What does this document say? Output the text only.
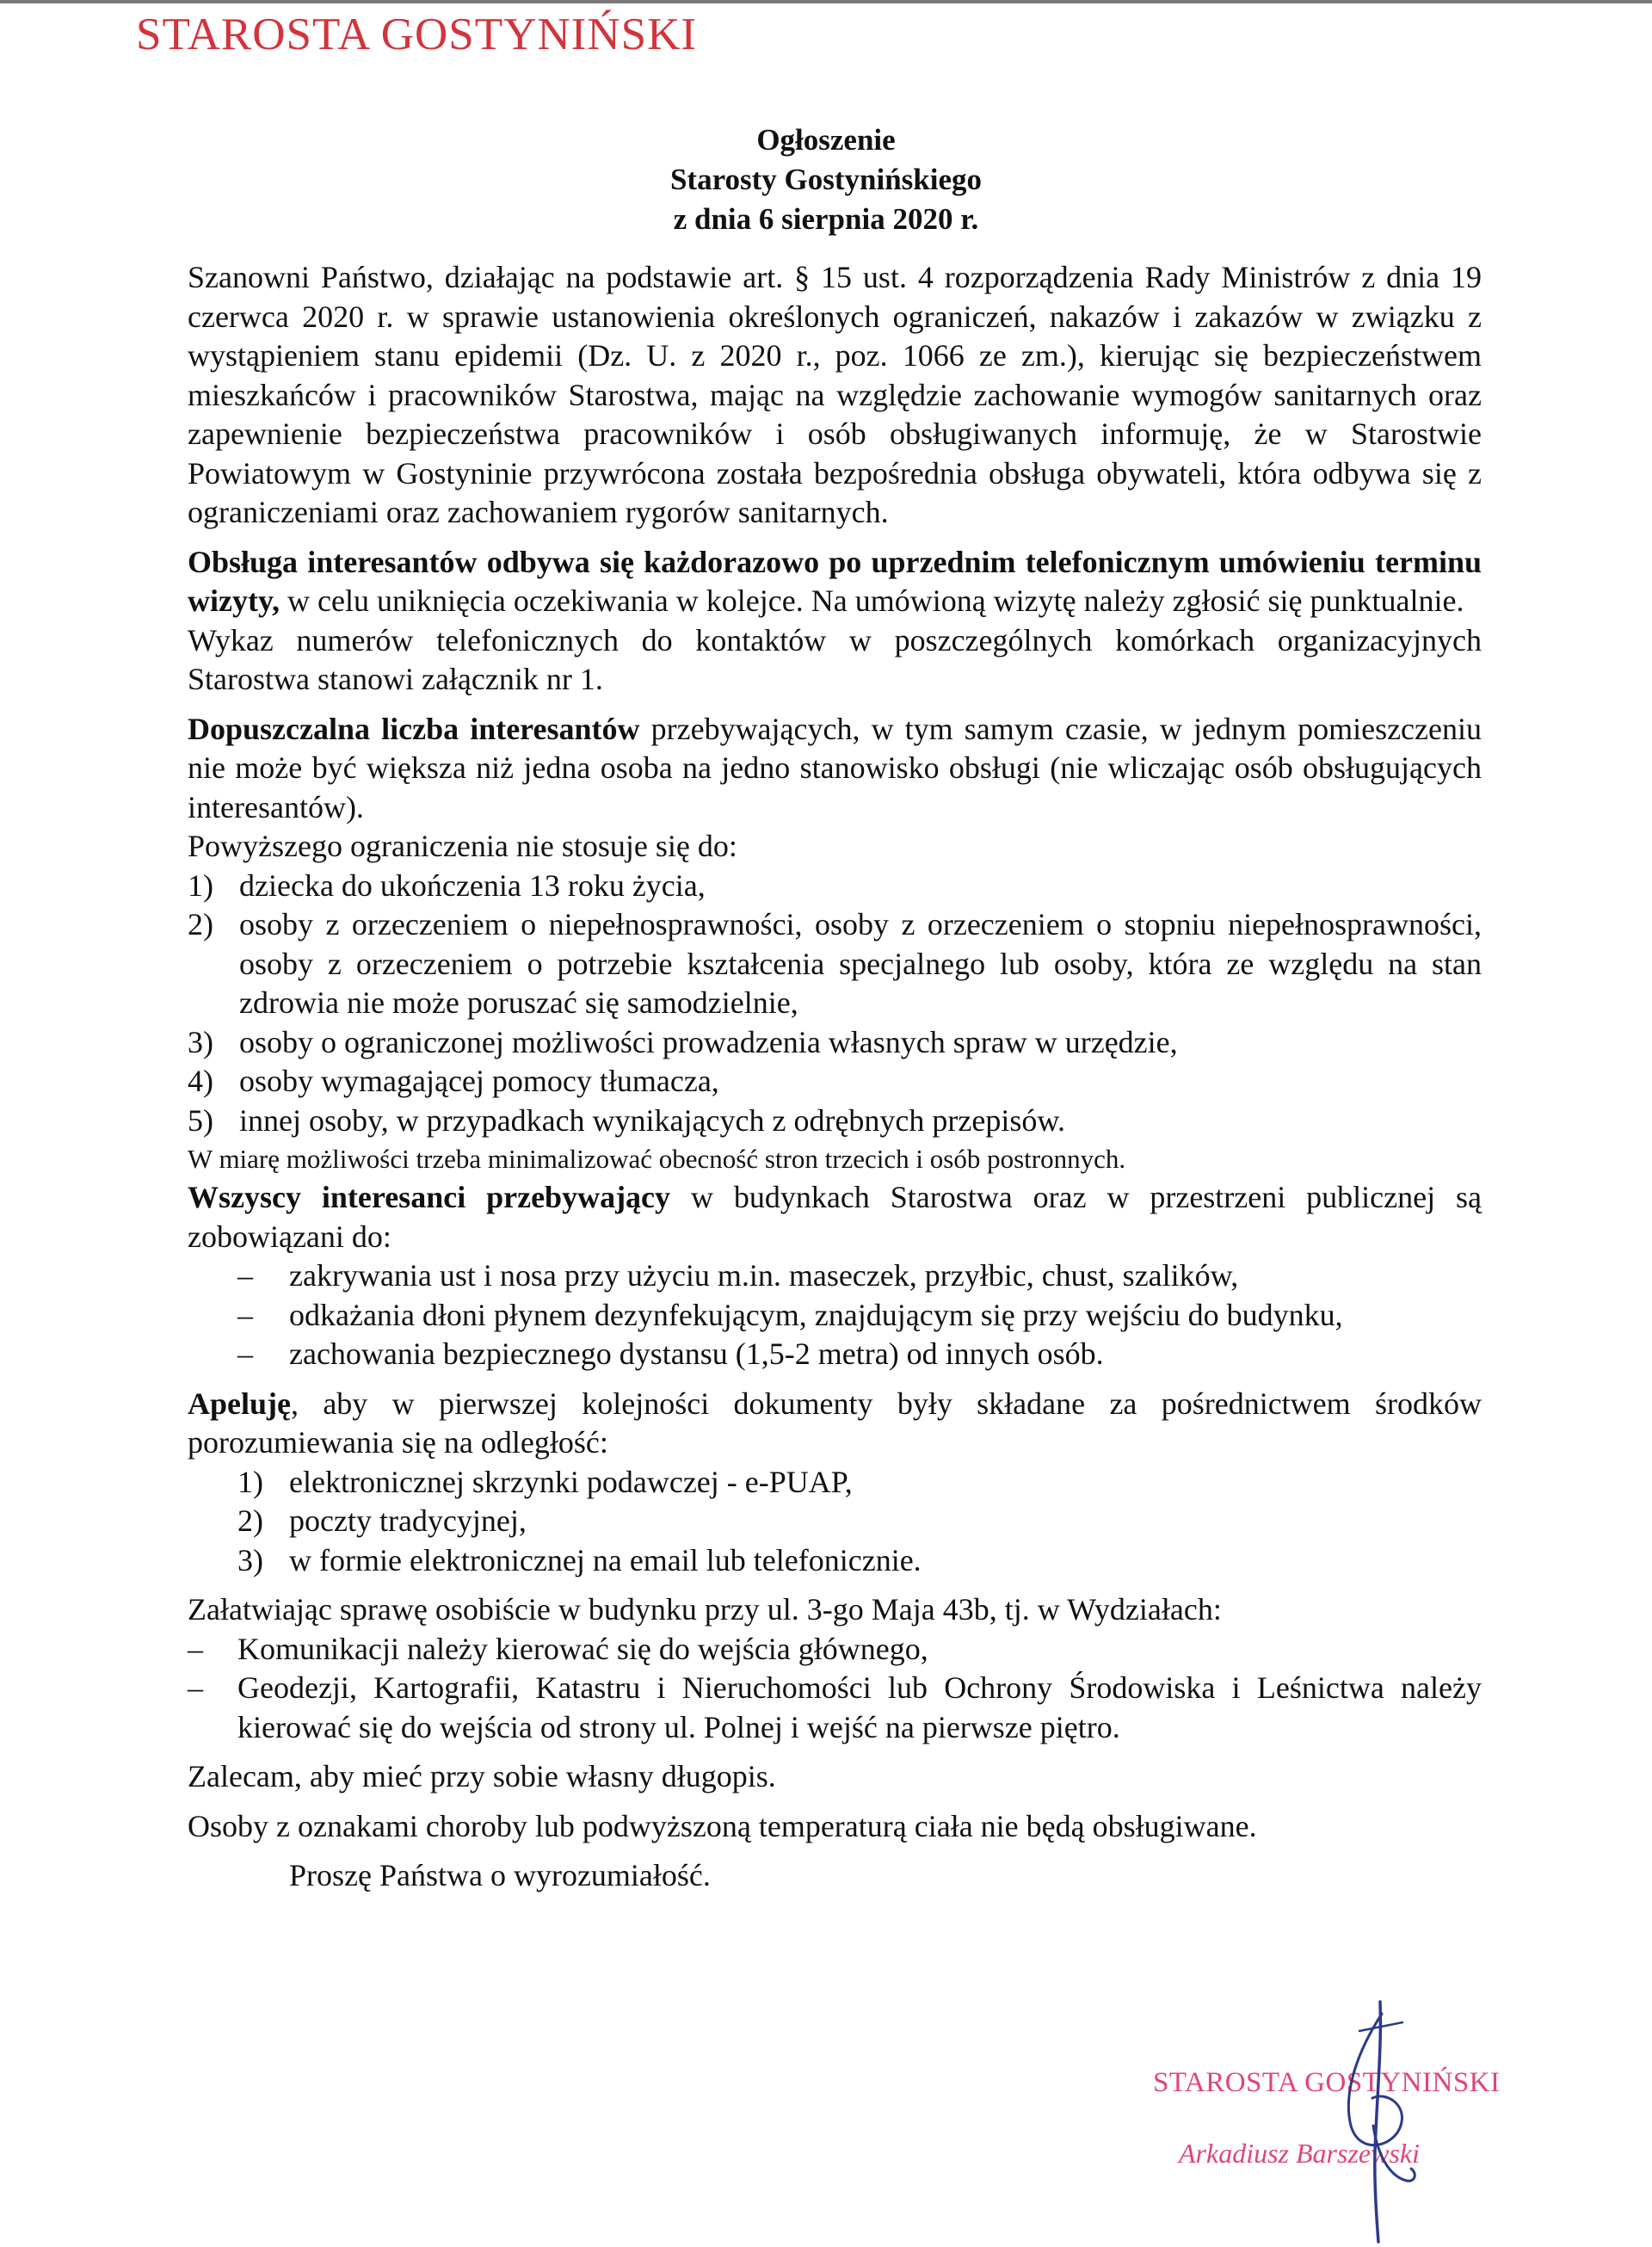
STAROSTA GOSTYNIŃSKI
Ogłoszenie
Starosty Gostynińskiego
z dnia 6 sierpnia 2020 r.

Szanowni Państwo, działając na podstawie art. § 15 ust. 4 rozporządzenia Rady Ministrów z dnia 19 czerwca 2020 r. w sprawie ustanowienia określonych ograniczeń, nakazów i zakazów w związku z wystąpieniem stanu epidemii (Dz. U. z 2020 r., poz. 1066 ze zm.), kierując się bezpieczeństwem mieszkańców i pracowników Starostwa, mając na względzie zachowanie wymogów sanitarnych oraz zapewnienie bezpieczeństwa pracowników i osób obsługiwanych informuję, że w Starostwie Powiatowym w Gostyninie przywrócona została bezpośrednia obsługa obywateli, która odbywa się z ograniczeniami oraz zachowaniem rygorów sanitarnych.

Obsługa interesantów odbywa się każdorazowo po uprzednim telefonicznym umówieniu terminu wizyty, w celu uniknięcia oczekiwania w kolejce. Na umówioną wizytę należy zgłosić się punktualnie.

Wykaz numerów telefonicznych do kontaktów w poszczególnych komórkach organizacyjnych Starostwa stanowi załącznik nr 1.

Dopuszczalna liczba interesantów przebywających, w tym samym czasie, w jednym pomieszczeniu nie może być większa niż jedna osoba na jedno stanowisko obsługi (nie wliczając osób obsługujących interesantów).

Powyższego ograniczenia nie stosuje się do:

1) dziecka do ukończenia 13 roku życia,
2) osoby z orzeczeniem o niepełnosprawności, osoby z orzeczeniem o stopniu niepełnosprawności, osoby z orzeczeniem o potrzebie kształcenia specjalnego lub osoby, która ze względu na stan zdrowia nie może poruszać się samodzielnie,
3) osoby o ograniczonej możliwości prowadzenia własnych spraw w urzędzie,
4) osoby wymagającej pomocy tłumacza,
5) innej osoby, w przypadkach wynikających z odrębnych przepisów.

W miarę możliwości trzeba minimalizować obecność stron trzecich i osób postronnych.

Wszyscy interesanci przebywający w budynkach Starostwa oraz w przestrzeni publicznej są zobowiązani do:

–	zakrywania ust i nosa przy użyciu m.in. maseczek, przyłbic, chust, szalików,
–	odkażania dłoni płynem dezynfekującym, znajdującym się przy wejściu do budynku,
–	zachowania bezpiecznego dystansu (1,5-2 metra) od innych osób.

Apeluję, aby w pierwszej kolejności dokumenty były składane za pośrednictwem środków porozumiewania się na odległość:

1) elektronicznej skrzynki podawczej - e-PUAP,
2) poczty tradycyjnej,
3) w formie elektronicznej na email lub telefonicznie.

Załatwiając sprawę osobiście w budynku przy ul. 3-go Maja 43b, tj. w Wydziałach:

–	Komunikacji należy kierować się do wejścia głównego,
–	Geodezji, Kartografii, Katastru i Nieruchomości lub Ochrony Środowiska i Leśnictwa należy kierować się do wejścia od strony ul. Polnej i wejść na pierwsze piętro.

Zalecam, aby mieć przy sobie własny długopis.

Osoby z oznakami choroby lub podwyższoną temperaturą ciała nie będą obsługiwane.

Proszę Państwa o wyrozumiałość.

STAROSTA GOSTYNIŃSKI
Arkadiusz Barszewski
